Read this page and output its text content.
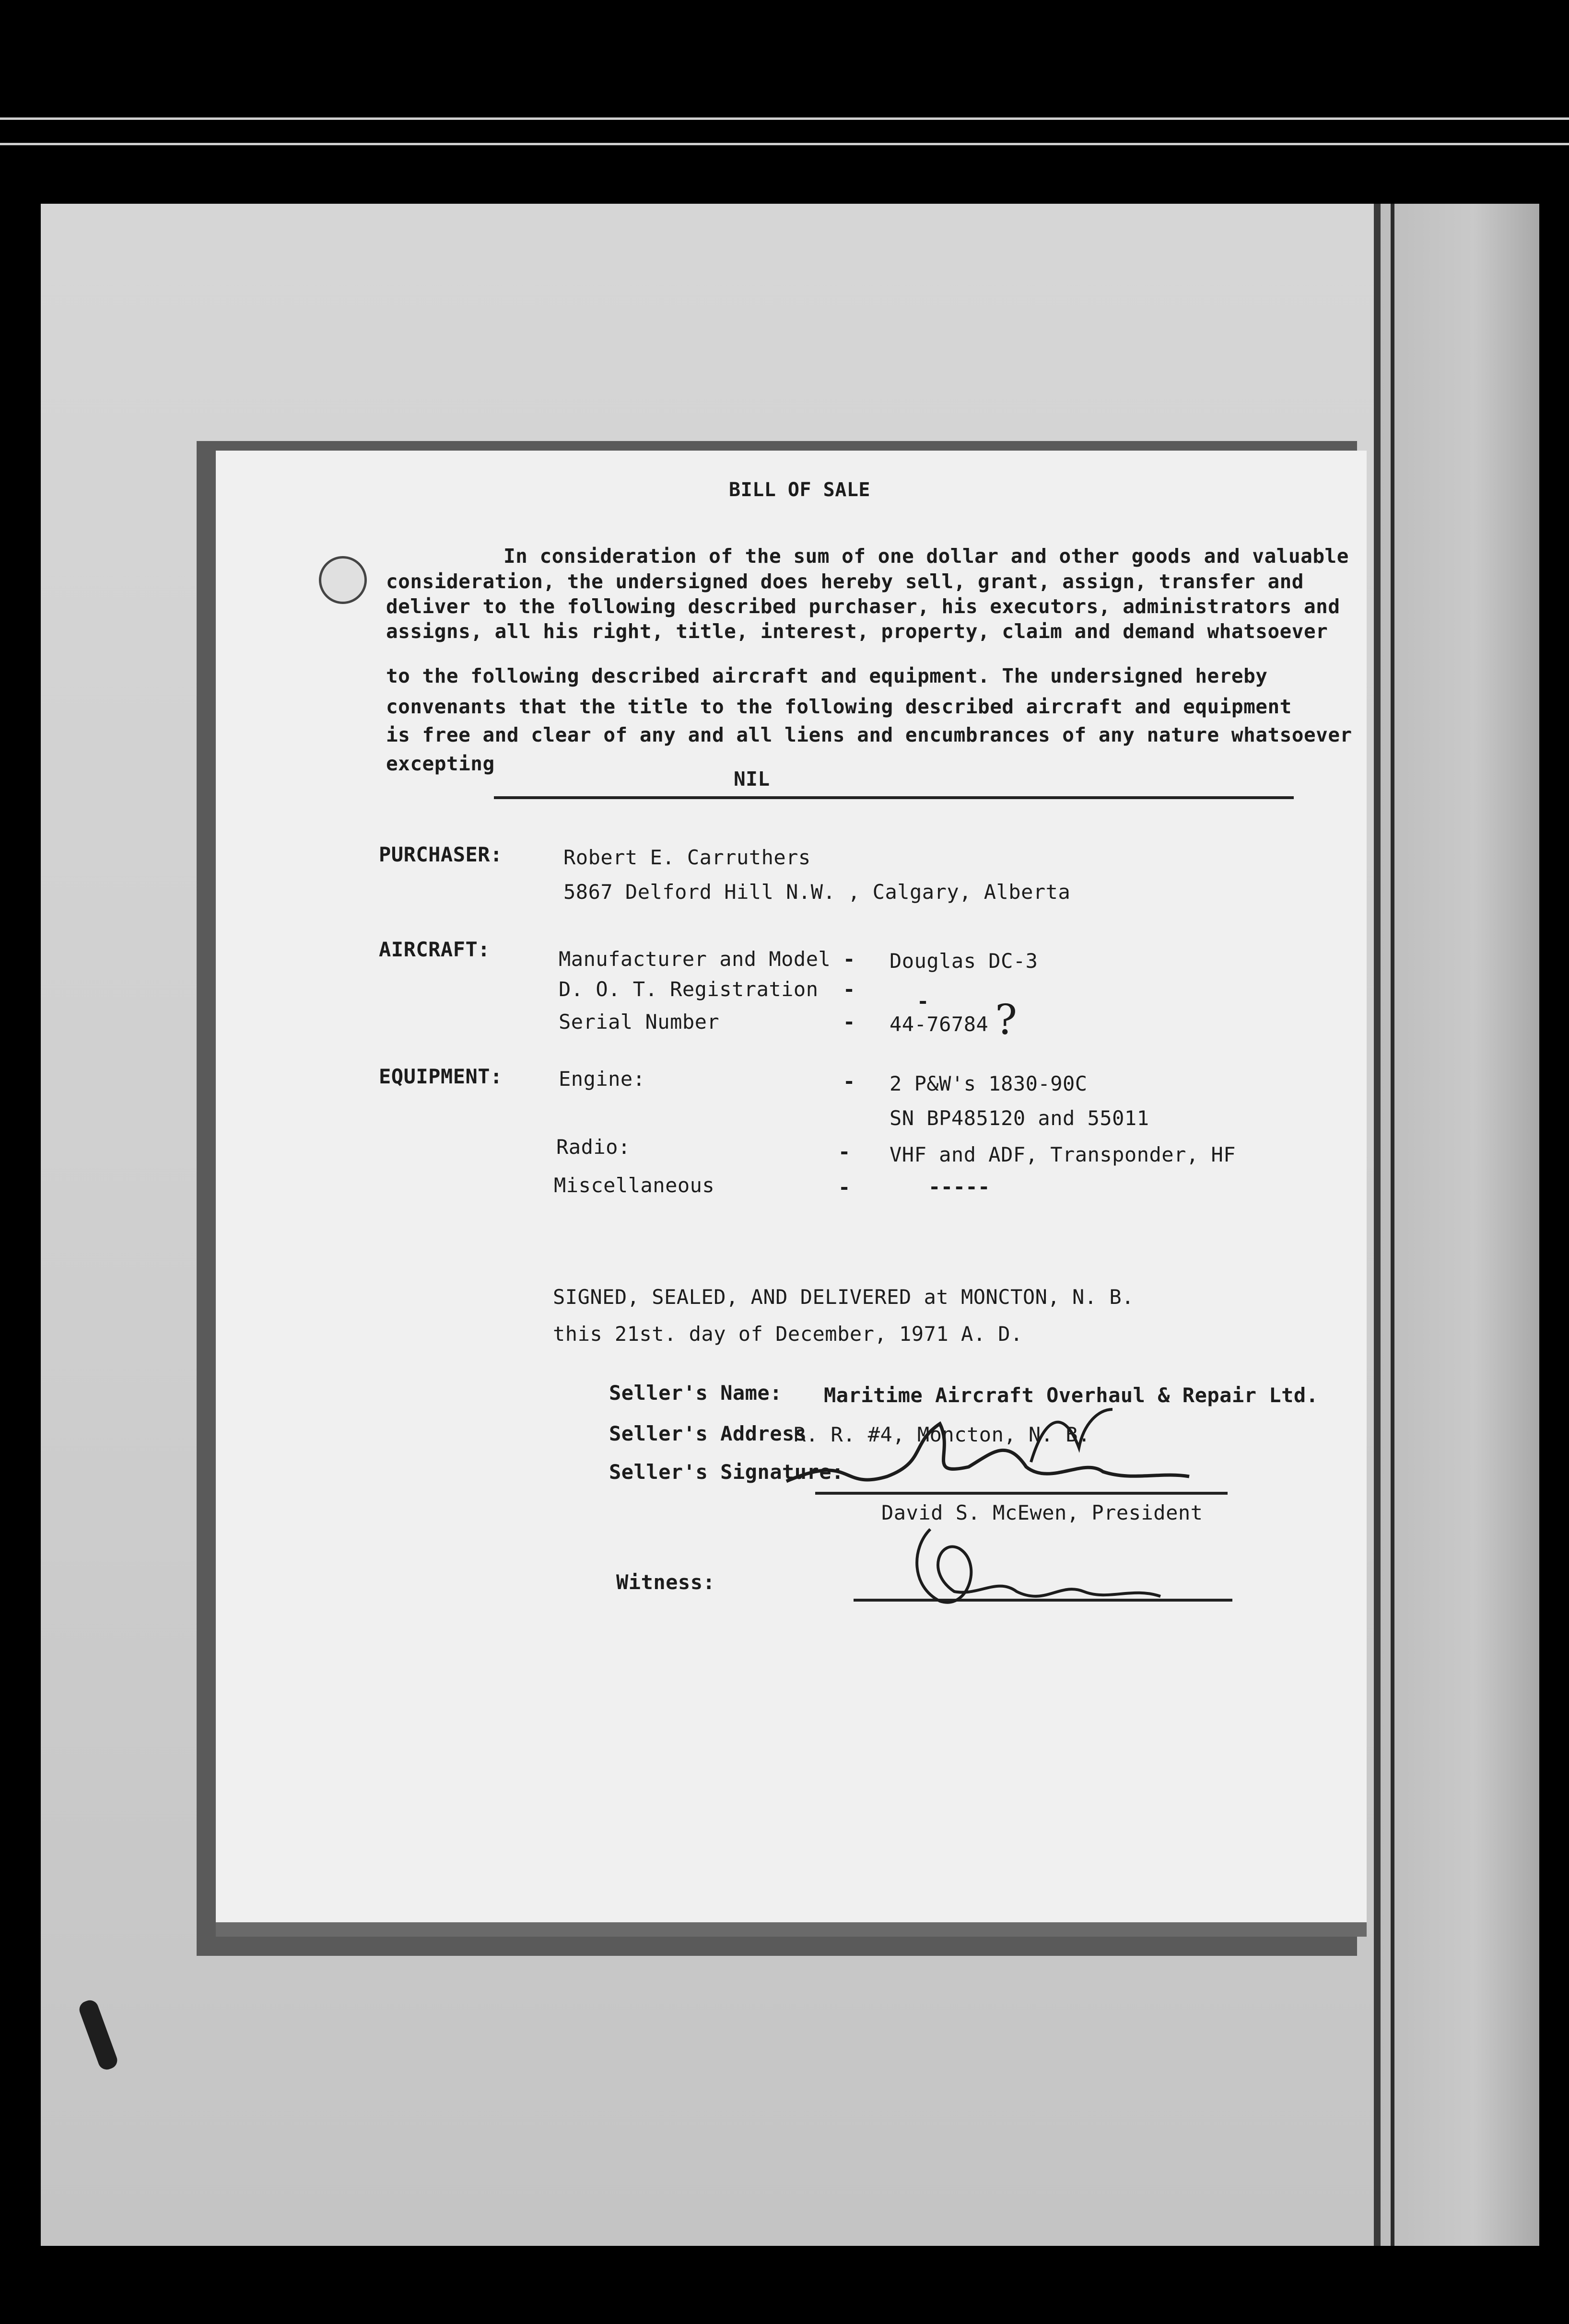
BILL OF SALE
In consideration of the sum of one dollar and other goods and valuable
consideration, the undersigned does hereby sell, grant, assign, transfer and
deliver to the following described purchaser, his executors, administrators and
assigns, all his right, title, interest, property, claim and demand whatsoever
to the following described aircraft and equipment. The undersigned hereby
convenants that the title to the following described aircraft and equipment
is free and clear of any and all liens and encumbrances of any nature whatsoever
excepting
NIL
PURCHASER:	Robert E. Carruthers
5867 Delford Hill N.W. , Calgary, Alberta
AIRCRAFT:	Manufacturer and Model - Douglas DC-3
D. O. T. Registration -
-
Serial Number	- 44-76784 ?
EQUIPMENT:	Engine:	- 2 P&W's 1830-90C
SN BP485120 and 55011
Radio:	- VHF and ADF, Transponder, HF
Miscellaneous	-	-----
SIGNED, SEALED, AND DELIVERED at MONCTON, N. B.
this 21st. day of December, 1971 A. D.
Seller's Name: Maritime Aircraft Overhaul & Repair Ltd.
Seller's Address
R. R. #4, Moncton, N. B.
Seller's Signature:
David S. McEwen, President
Witness:
